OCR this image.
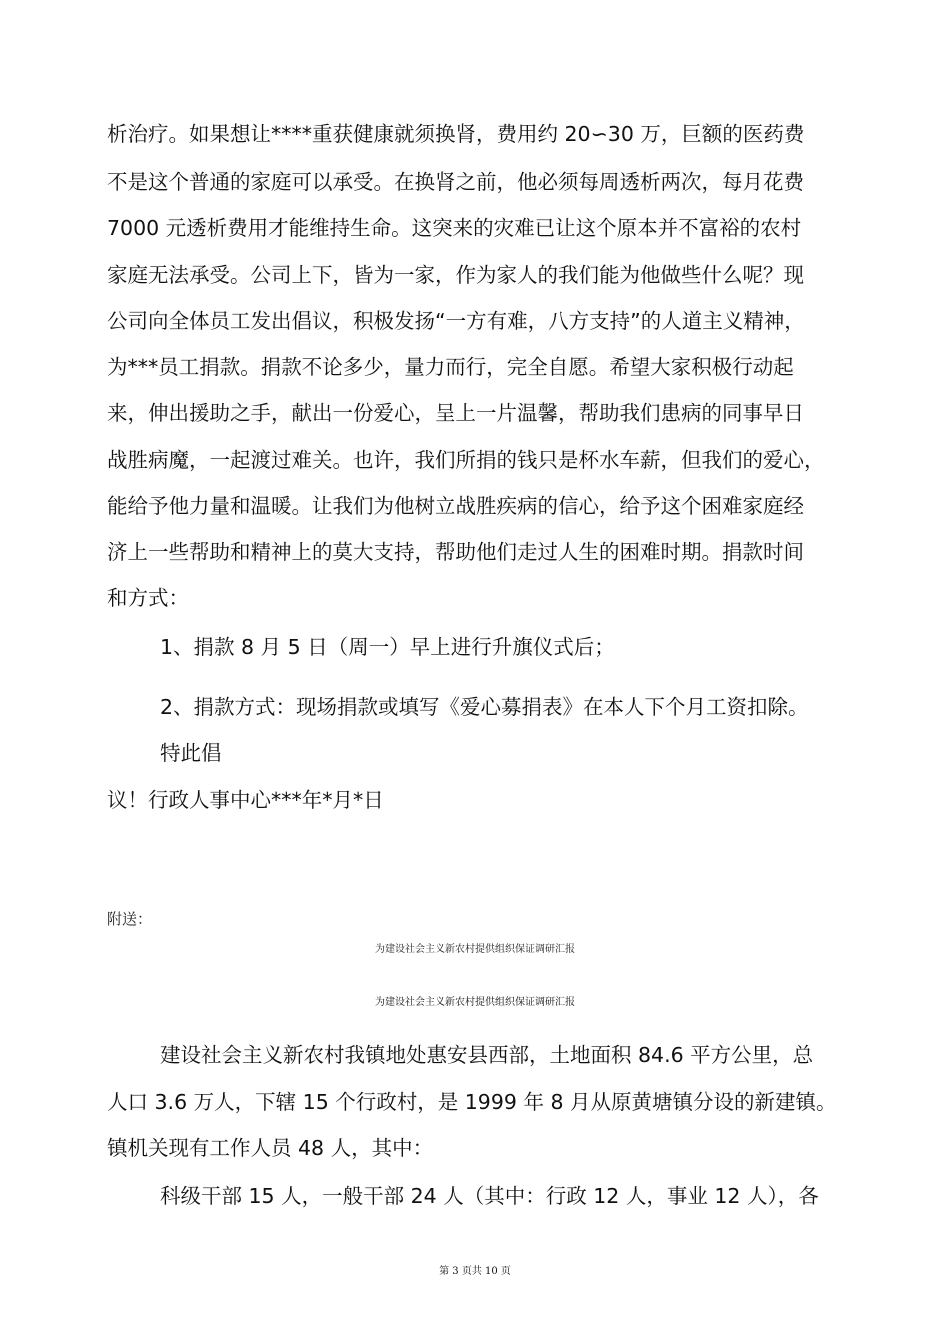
析治疗。如果想让****重获健康就须换肾，费用约 20∽30 万，巨额的医药费
不是这个普通的家庭可以承受。在换肾之前，他必须每周透析两次，每月花费
7000 元透析费用才能维持生命。这突来的灾难已让这个原本并不富裕的农村
家庭无法承受。公司上下，皆为一家，作为家人的我们能为他做些什么呢？现
公司向全体员工发出倡议，积极发扬“一方有难，八方支持”的人道主义精神，
为***员工捐款。捐款不论多少，量力而行，完全自愿。希望大家积极行动起
来，伸出援助之手，献出一份爱心，呈上一片温馨，帮助我们患病的同事早日
战胜病魔，一起渡过难关。也许，我们所捐的钱只是杯水车薪，但我们的爱心，
能给予他力量和温暖。让我们为他树立战胜疾病的信心，给予这个困难家庭经
济上一些帮助和精神上的莫大支持，帮助他们走过人生的困难时期。捐款时间
和方式：
1、捐款 8 月 5 日（周一）早上进行升旗仪式后；
2、捐款方式：现场捐款或填写《爱心募捐表》在本人下个月工资扣除。
特此倡
议！行政人事中心***年*月*日
附送：
为建设社会主义新农村提供组织保证调研汇报
为建设社会主义新农村提供组织保证调研汇报
建设社会主义新农村我镇地处惠安县西部，土地面积 84.6 平方公里，总
人口 3.6 万人，下辖 15 个行政村，是 1999 年 8 月从原黄塘镇分设的新建镇。
镇机关现有工作人员 48 人，其中：
科级干部 15 人，一般干部 24 人（其中：行政 12 人，事业 12 人），各
第 3 页共 10 页
